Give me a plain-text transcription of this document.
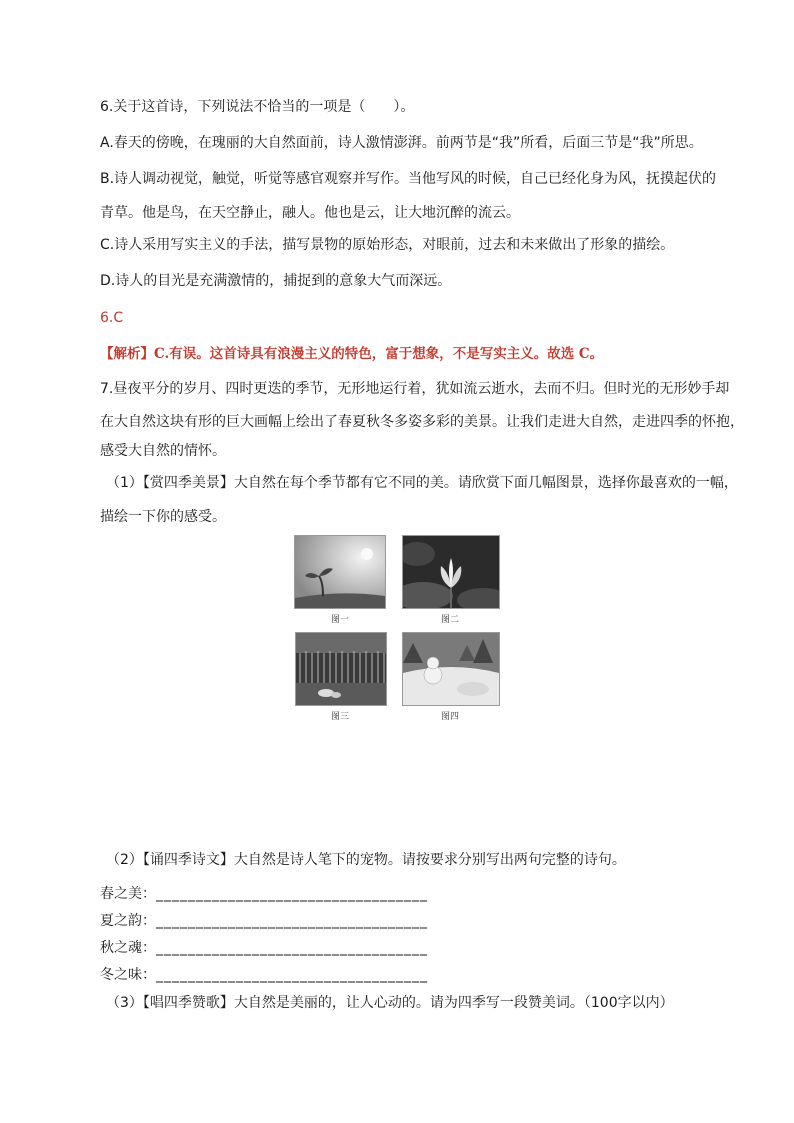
6.关于这首诗，下列说法不恰当的一项是（　　）。
A.春天的傍晚，在瑰丽的大自然面前，诗人激情澎湃。前两节是“我”所看，后面三节是“我”所思。
B.诗人调动视觉，触觉，听觉等感官观察并写作。当他写风的时候，自己已经化身为风，抚摸起伏的
青草。他是鸟，在天空静止，融人。他也是云，让大地沉醉的流云。
C.诗人采用写实主义的手法，描写景物的原始形态，对眼前，过去和未来做出了形象的描绘。
D.诗人的目光是充满激情的，捕捉到的意象大气而深远。
6.C
【解析】C.有误。这首诗具有浪漫主义的特色，富于想象，不是写实主义。故选 C。
7.昼夜平分的岁月、四时更迭的季节，无形地运行着，犹如流云逝水，去而不归。但时光的无形妙手却
在大自然这块有形的巨大画幅上绘出了春夏秋冬多姿多彩的美景。让我们走进大自然，走进四季的怀抱，
感受大自然的情怀。
（1）【赏四季美景】大自然在每个季节都有它不同的美。请欣赏下面几幅图景，选择你最喜欢的一幅，
描绘一下你的感受。
图一	图二
图三	图四
（2）【诵四季诗文】大自然是诗人笔下的宠物。请按要求分别写出两句完整的诗句。
春之美：__________________________________
夏之韵：__________________________________
秋之魂：__________________________________
冬之味：__________________________________
（3）【唱四季赞歌】大自然是美丽的，让人心动的。请为四季写一段赞美词。（100字以内）
